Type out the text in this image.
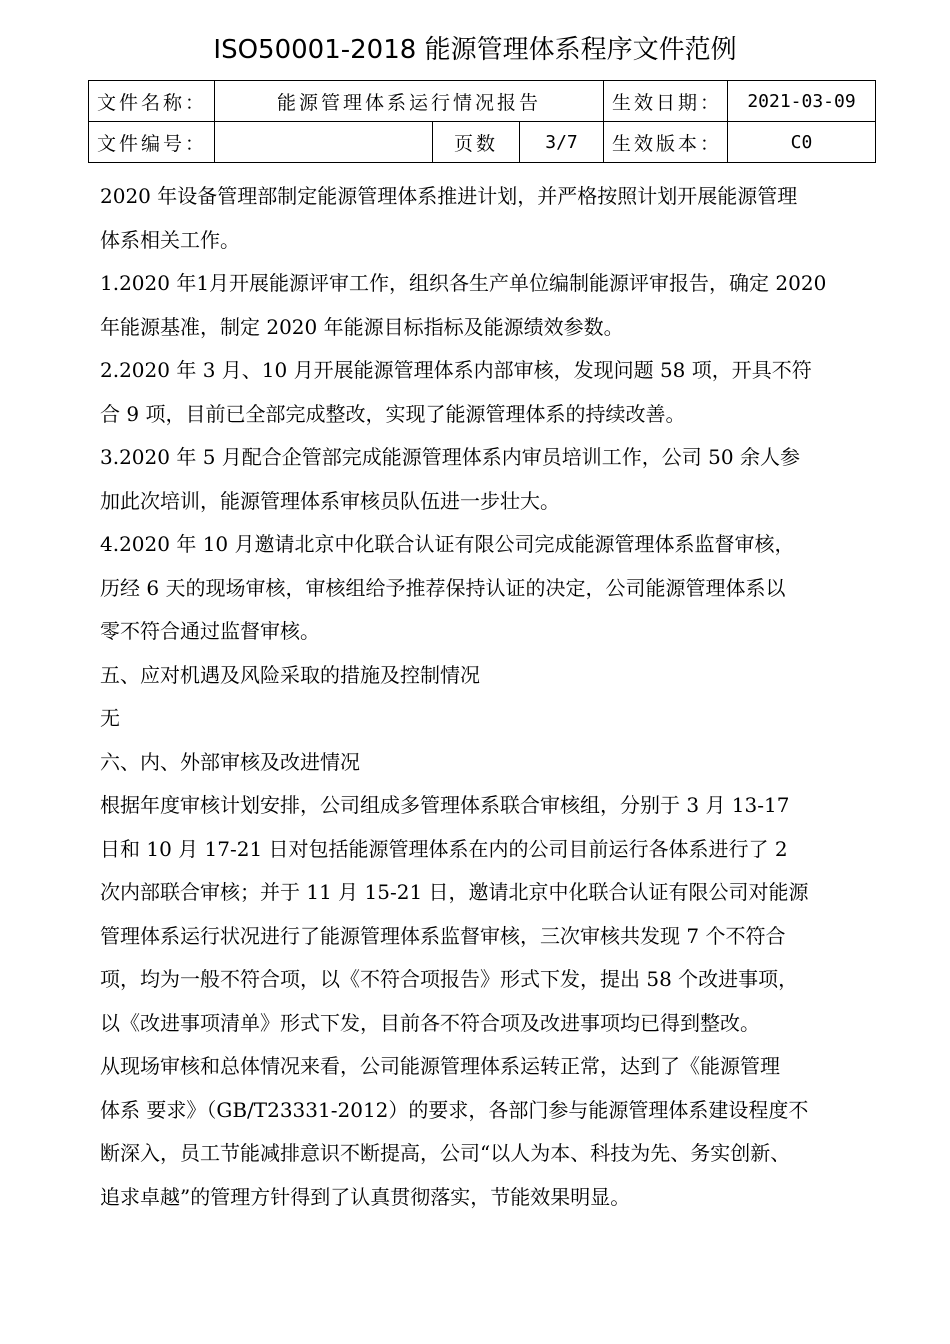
ISO50001-2018 能源管理体系程序文件范例
文件名称：	能源管理体系运行情况报告			生效日期：	2021-03-09
文件编号：		页数	3/7	生效版本：	C0

2020 年设备管理部制定能源管理体系推进计划，并严格按照计划开展能源管理

体系相关工作。

1.2020 年1月开展能源评审工作，组织各生产单位编制能源评审报告，确定 2020

年能源基准，制定 2020 年能源目标指标及能源绩效参数。

2.2020 年 3 月、10 月开展能源管理体系内部审核，发现问题 58 项，开具不符

合 9 项，目前已全部完成整改，实现了能源管理体系的持续改善。

3.2020 年 5 月配合企管部完成能源管理体系内审员培训工作，公司 50 余人参

加此次培训，能源管理体系审核员队伍进一步壮大。

4.2020 年 10 月邀请北京中化联合认证有限公司完成能源管理体系监督审核，

历经 6 天的现场审核，审核组给予推荐保持认证的决定，公司能源管理体系以

零不符合通过监督审核。

五、应对机遇及风险采取的措施及控制情况

无

六、内、外部审核及改进情况

根据年度审核计划安排，公司组成多管理体系联合审核组，分别于 3 月 13-17

日和 10 月 17-21 日对包括能源管理体系在内的公司目前运行各体系进行了 2

次内部联合审核；并于 11 月 15-21 日，邀请北京中化联合认证有限公司对能源

管理体系运行状况进行了能源管理体系监督审核，三次审核共发现 7 个不符合

项，均为一般不符合项，以《不符合项报告》形式下发，提出 58 个改进事项，

以《改进事项清单》形式下发，目前各不符合项及改进事项均已得到整改。

从现场审核和总体情况来看，公司能源管理体系运转正常，达到了《能源管理

体系 要求》（GB/T23331-2012）的要求，各部门参与能源管理体系建设程度不

断深入，员工节能减排意识不断提高，公司“以人为本、科技为先、务实创新、

追求卓越”的管理方针得到了认真贯彻落实，节能效果明显。
